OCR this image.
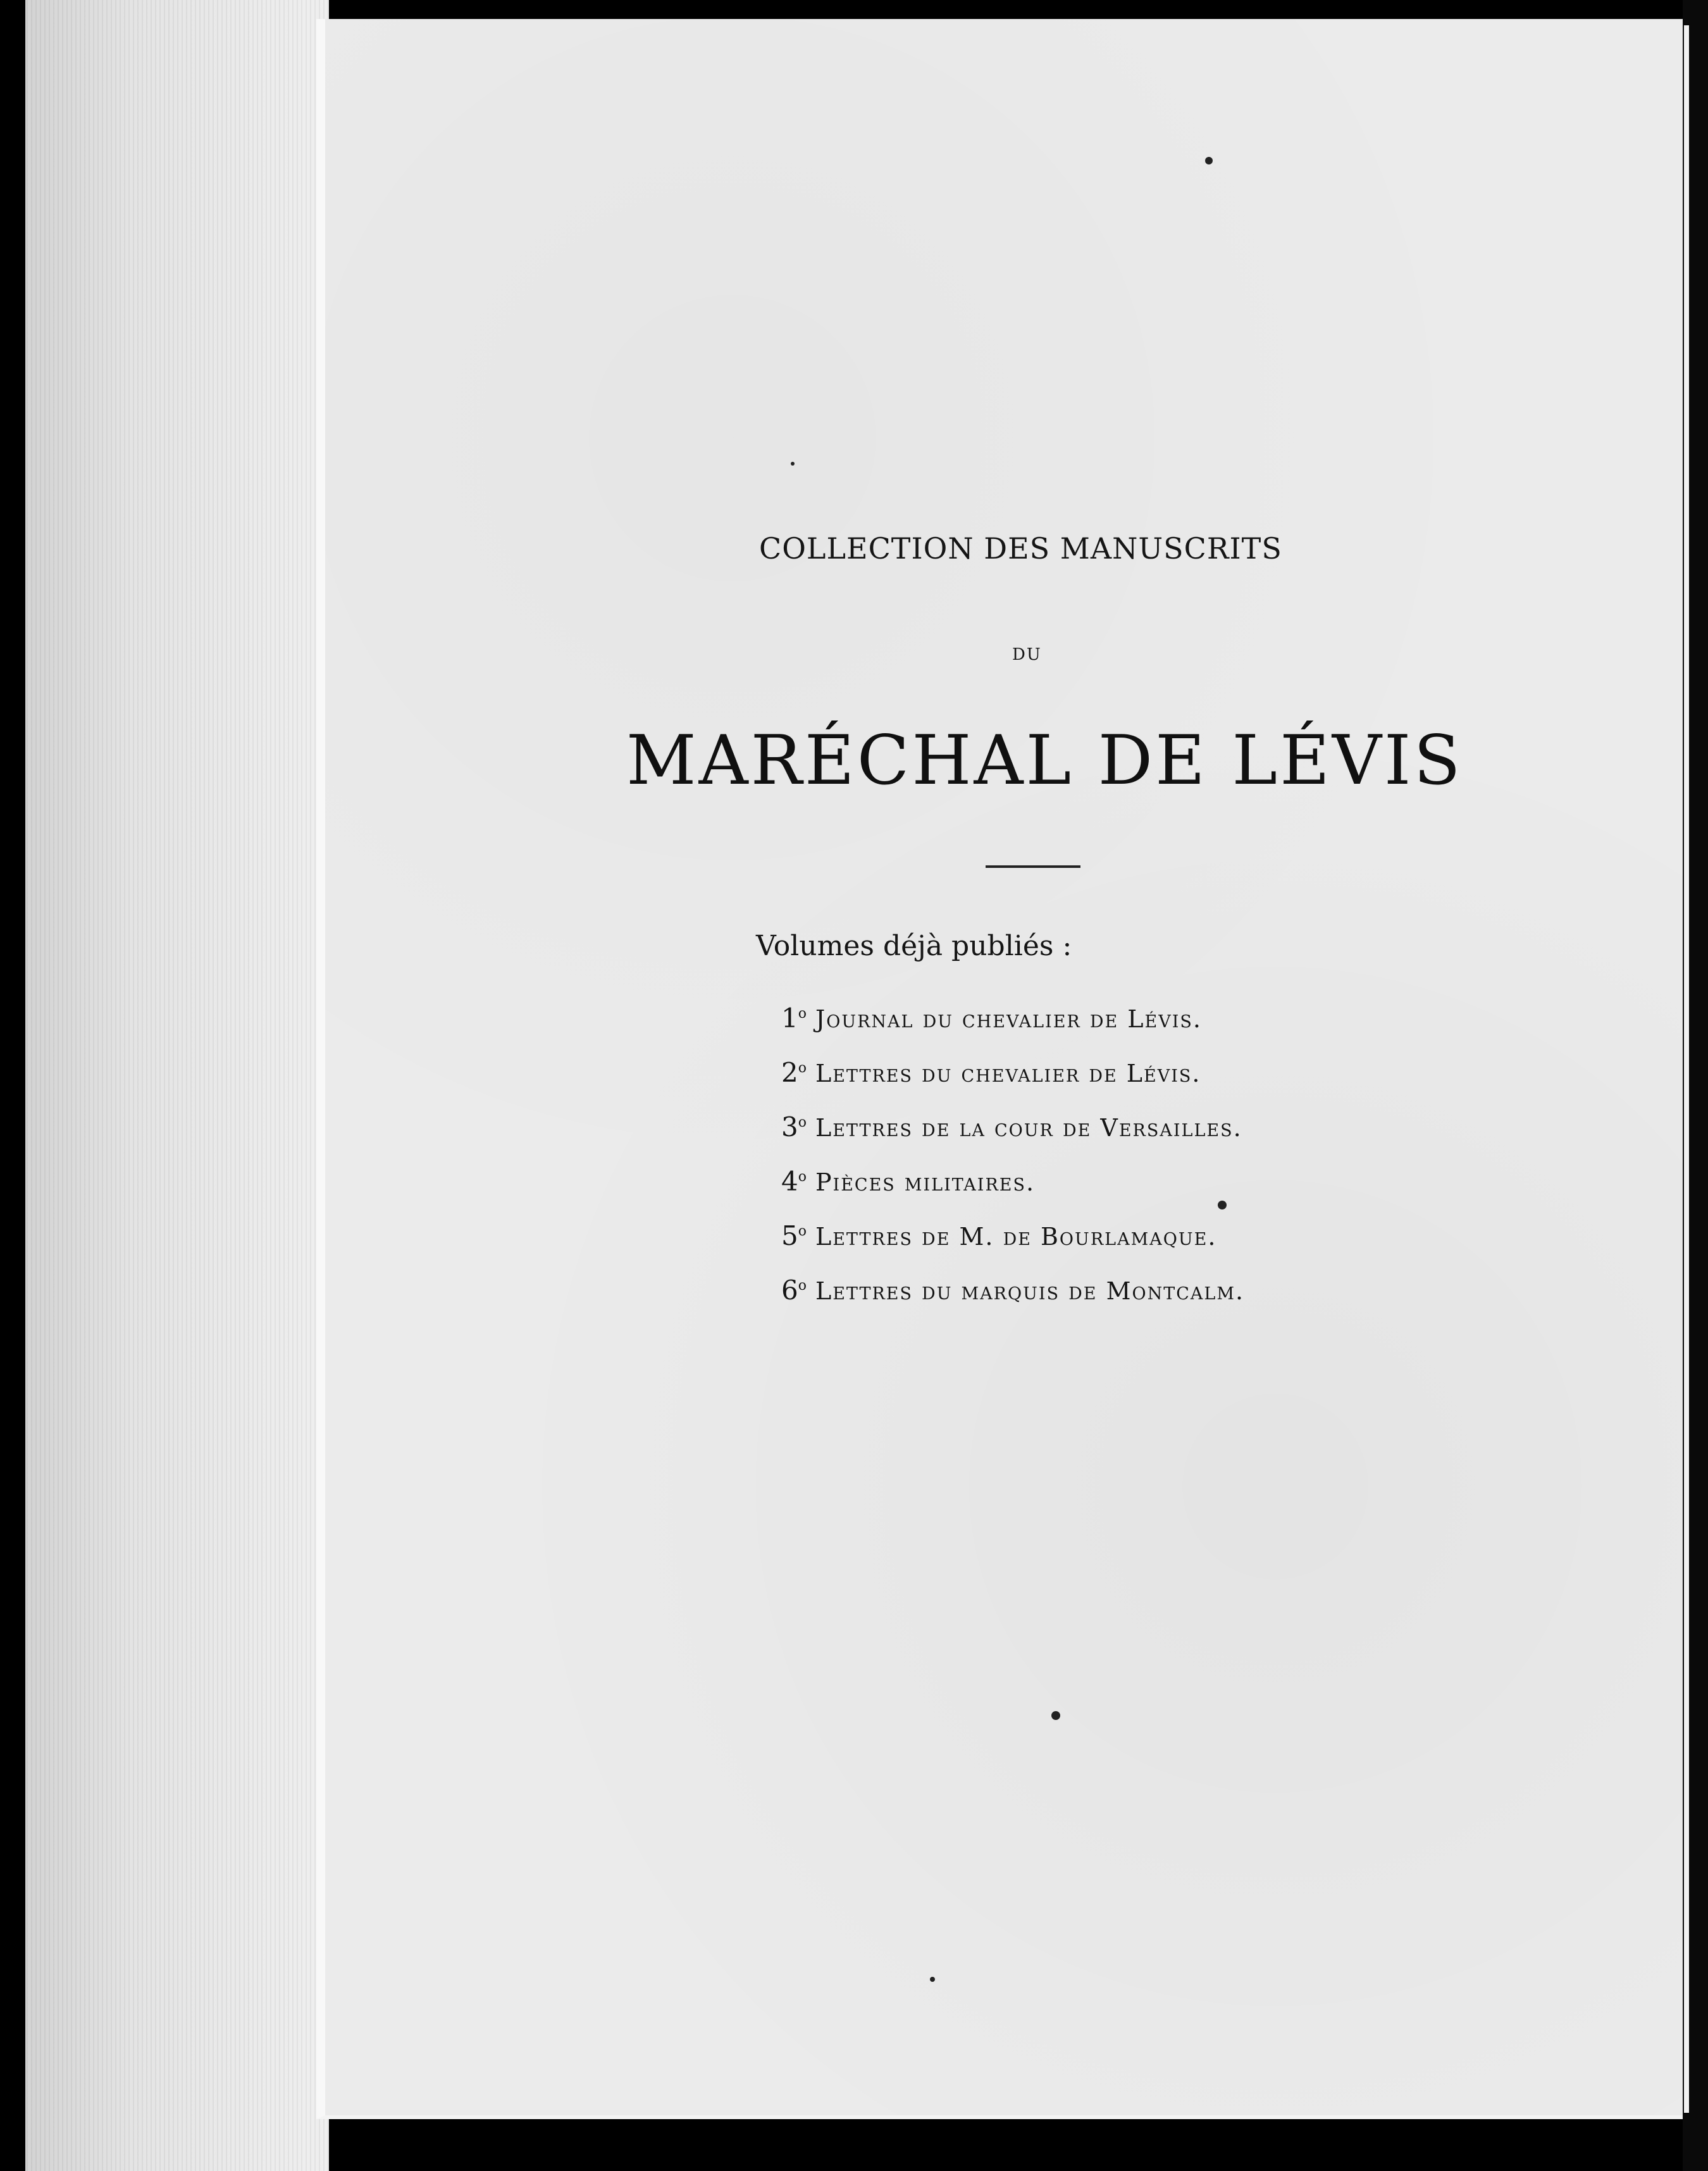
COLLECTION DES MANUSCRITS
DU
MARÉCHAL DE LÉVIS
Volumes déjà publiés :
1$^o$ Journal du chevalier de Lévis.
2$^o$ Lettres du chevalier de Lévis.
3$^o$ Lettres de la cour de Versailles.
4$^o$ Pièces militaires.
5$^o$ Lettres de M. de Bourlamaque.
6$^o$ Lettres du marquis de Montcalm.
